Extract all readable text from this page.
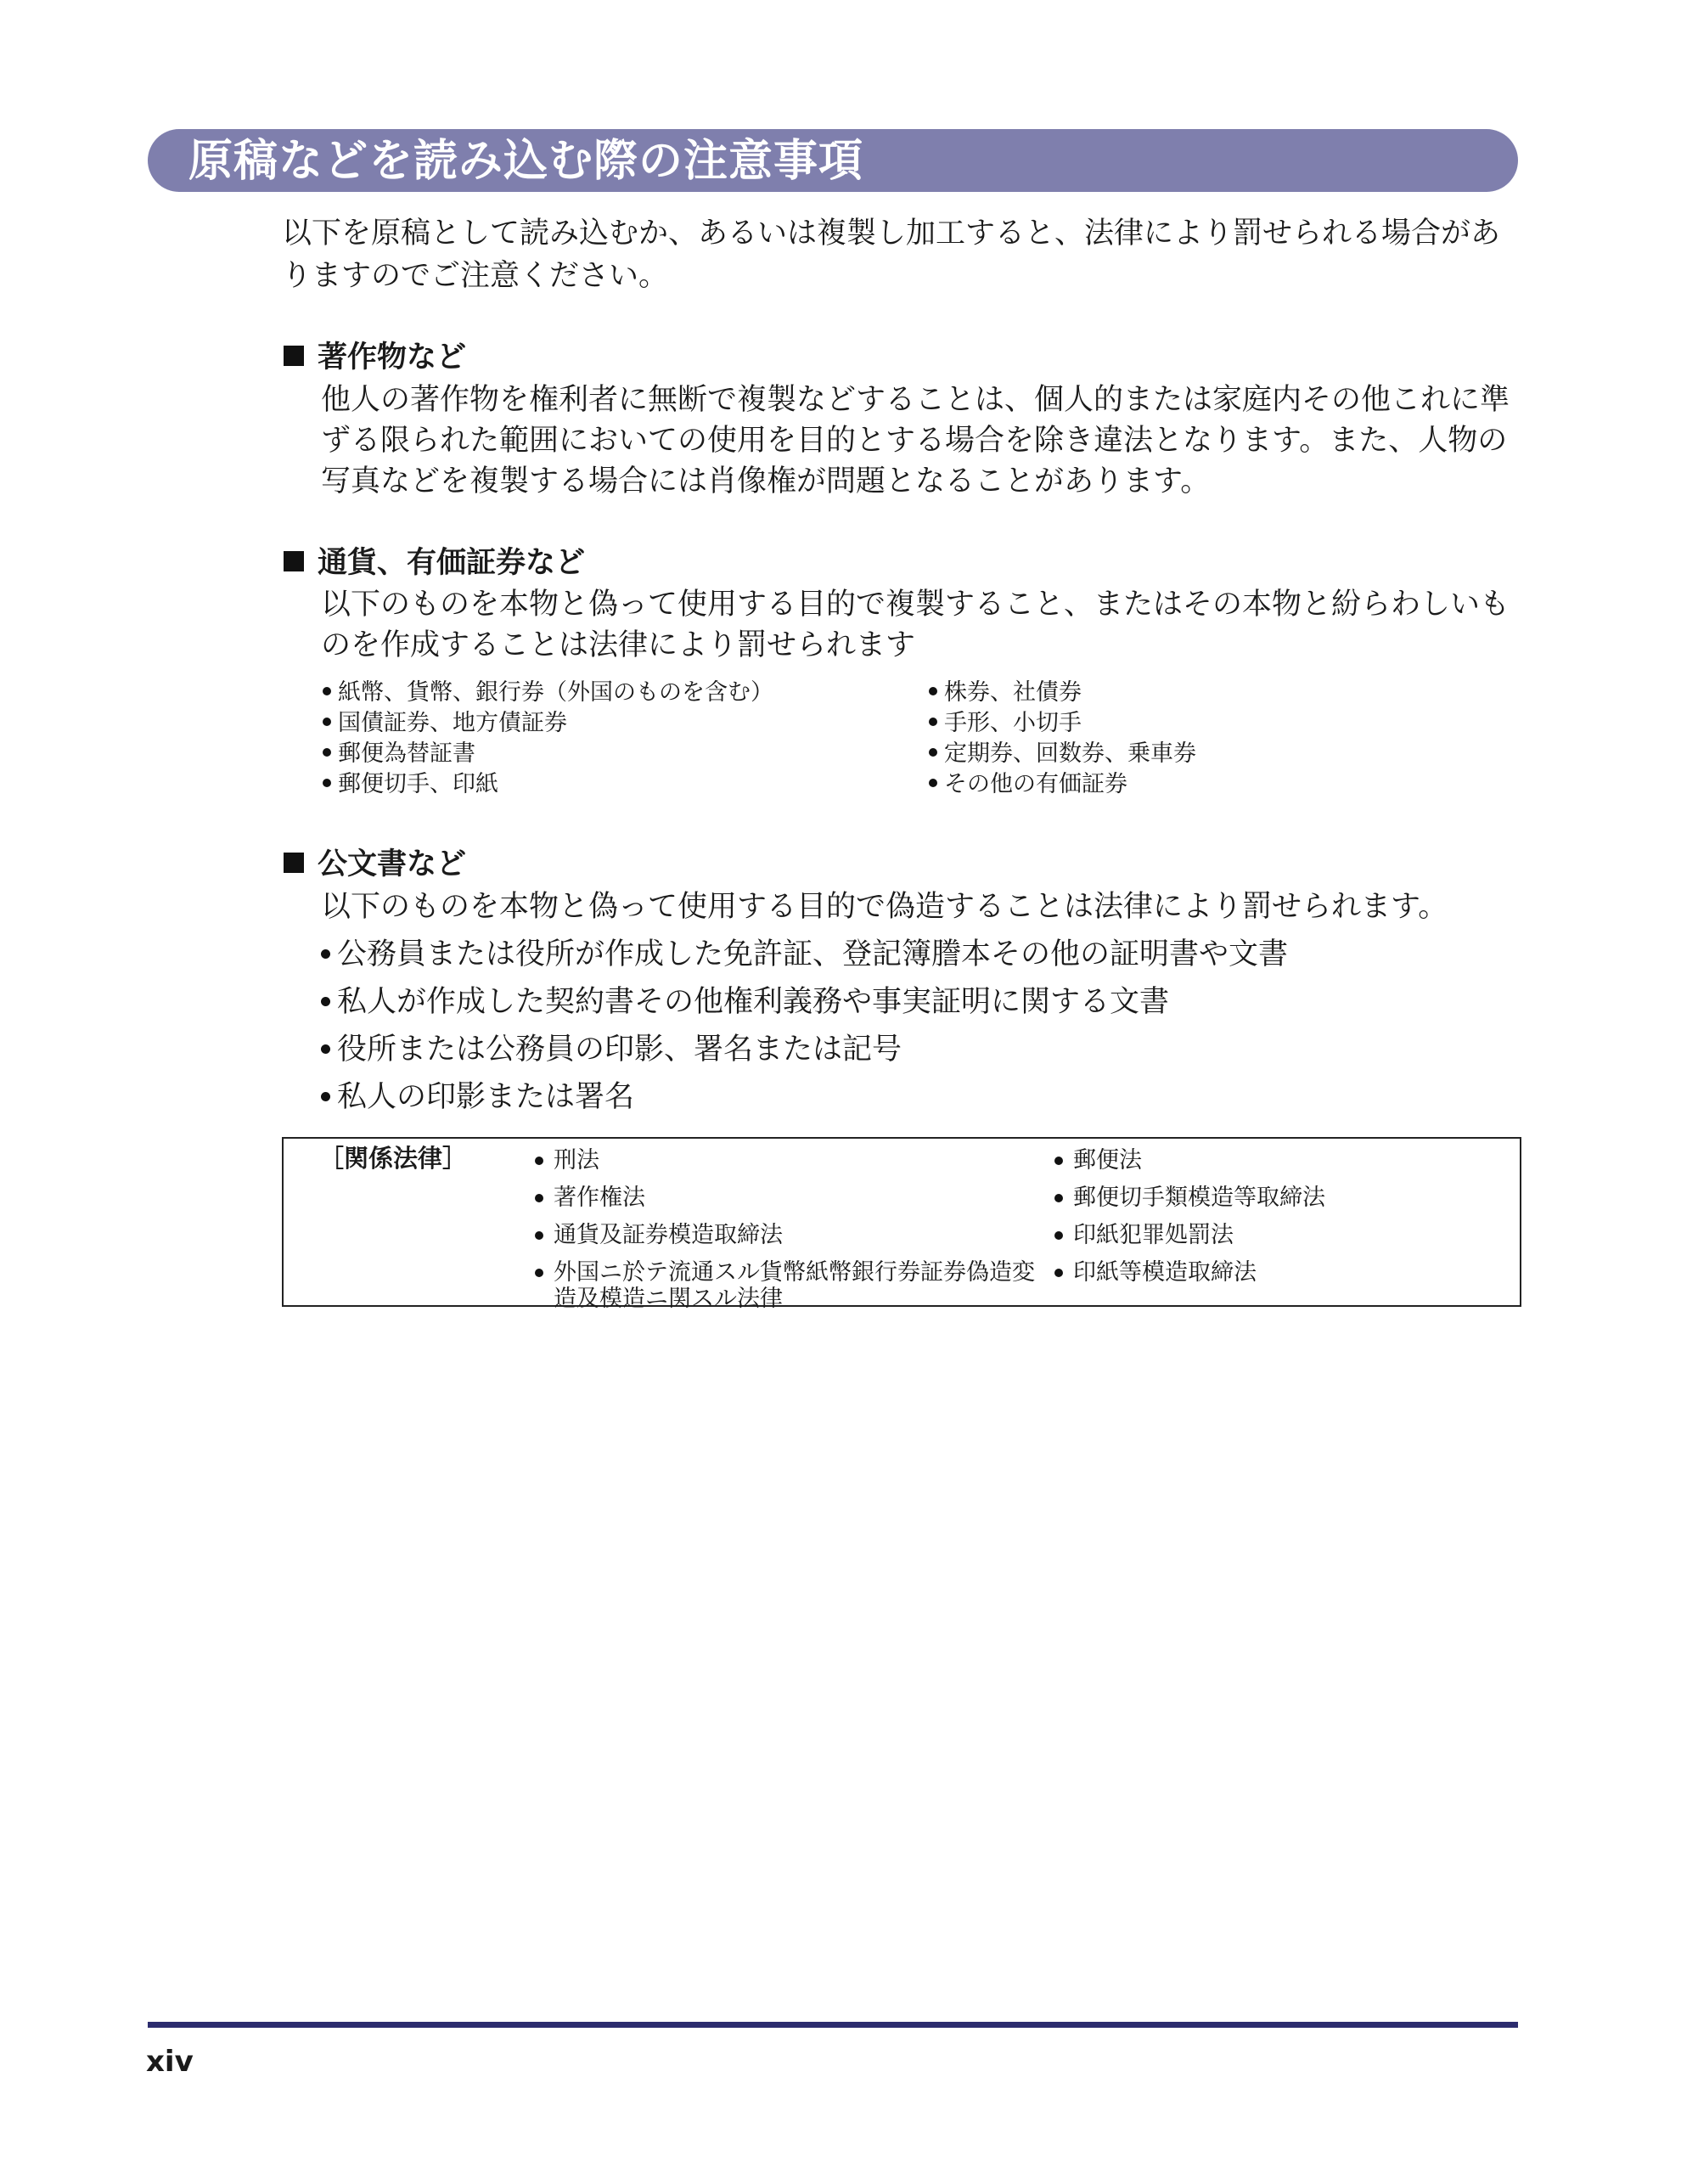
原稿などを読み込む際の注意事項

以下を原稿として読み込むか、あるいは複製し加工すると、法律により罰せられる場合がありますのでご注意ください。

著作物など

他人の著作物を権利者に無断で複製などすることは、個人的または家庭内その他これに準ずる限られた範囲においての使用を目的とする場合を除き違法となります。また、人物の写真などを複製する場合には肖像権が問題となることがあります。

通貨、有価証券など

以下のものを本物と偽って使用する目的で複製すること、またはその本物と紛らわしいものを作成することは法律により罰せられます

紙幣、貨幣、銀行券（外国のものを含む）
国債証券、地方債証券
郵便為替証書
郵便切手、印紙
株券、社債券
手形、小切手
定期券、回数券、乗車券
その他の有価証券
公文書など

以下のものを本物と偽って使用する目的で偽造することは法律により罰せられます。

公務員または役所が作成した免許証、登記簿謄本その他の証明書や文書
私人が作成した契約書その他権利義務や事実証明に関する文書
役所または公務員の印影、署名または記号
私人の印影または署名
［関係法律］	刑法
著作権法
通貨及証券模造取締法
外国ニ於テ流通スル貨幣紙幣銀行券証券偽造変造及模造ニ関スル法律
郵便法
郵便切手類模造等取締法
印紙犯罪処罰法
印紙等模造取締法
xiv
